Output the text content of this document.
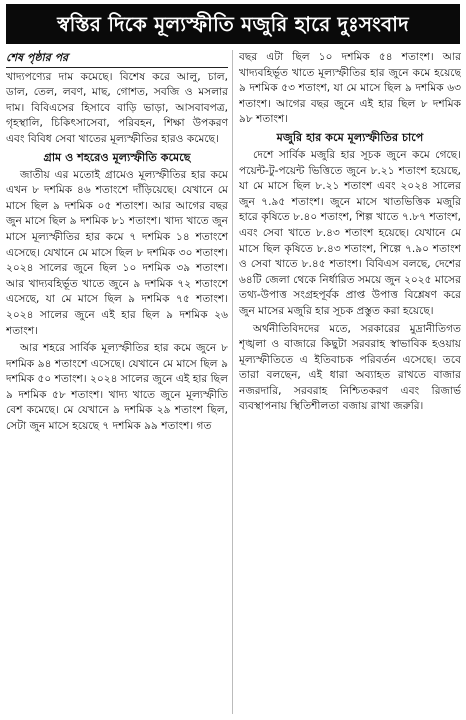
স্বস্তির দিকে মূল্যস্ফীতি মজুরি হারে দুঃসংবাদ
শেষ পৃষ্ঠার পর

খাদ্যপণ্যের দাম কমেছে। বিশেষ করে আলু, চাল, ডাল, তেল, লবণ, মাছ, গোশত, সবজি ও মসলার দাম। বিবিএসের হিসাবে বাড়ি ভাড়া, আসবাবপত্র, গৃহস্থালি, চিকিৎসাসেবা, পরিবহন, শিক্ষা উপকরণ এবং বিবিধ সেবা খাতের মূল্যস্ফীতির হারও কমেছে।

গ্রাম ও শহরেও মূল্যস্ফীতি কমেছে

জাতীয় এর মতোই গ্রামেও মূল্যস্ফীতির হার কমে এখন ৮ দশমিক ৪৬ শতাংশে দাঁড়িয়েছে। যেখানে মে মাসে ছিল ৯ দশমিক ০৫ শতাংশ। আর আগের বছর জুন মাসে ছিল ৯ দশমিক ৮১ শতাংশ। খাদ্য খাতে জুন মাসে মূল্যস্ফীতির হার কমে ৭ দশমিক ১৪ শতাংশে এসেছে। যেখানে মে মাসে ছিল ৮ দশমিক ৩০ শতাংশ। ২০২৪ সালের জুনে ছিল ১০ দশমিক ৩৯ শতাংশ। আর খাদ্যবহির্ভূত খাতে জুনে ৯ দশমিক ৭২ শতাংশে এসেছে, যা মে মাসে ছিল ৯ দশমিক ৭৫ শতাংশ। ২০২৪ সালের জুনে এই হার ছিল ৯ দশমিক ২৬ শতাংশ।

আর শহরে সার্বিক মূল্যস্ফীতির হার কমে জুনে ৮ দশমিক ৯৪ শতাংশে এসেছে। যেখানে মে মাসে ছিল ৯ দশমিক ৫০ শতাংশ। ২০২৪ সালের জুনে এই হার ছিল ৯ দশমিক ৫৮ শতাংশ। খাদ্য খাতে জুনে মূল্যস্ফীতি বেশ কমেছে। মে যেখানে ৯ দশমিক ২৯ শতাংশ ছিল, সেটা জুন মাসে হয়েছে ৭ দশমিক ৯৯ শতাংশ। গত

বছর এটা ছিল ১০ দশমিক ৫৪ শতাংশ। আর খাদ্যবহির্ভূত খাতে মূল্যস্ফীতির হার জুনে কমে হয়েছে ৯ দশমিক ৫৩ শতাংশ, যা মে মাসে ছিল ৯ দশমিক ৬৩ শতাংশ। আগের বছর জুনে এই হার ছিল ৮ দশমিক ৯৮ শতাংশ।

মজুরি হার কমে মূল্যস্ফীতির চাপে

দেশে সার্বিক মজুরি হার সূচক জুনে কমে গেছে। পয়েন্ট-টু-পয়েন্ট ভিত্তিতে জুনে ৮.২১ শতাংশ হয়েছে, যা মে মাসে ছিল ৮.২১ শতাংশ এবং ২০২৪ সালের জুন ৭.৯৫ শতাংশ। জুনে মাসে খাতভিত্তিক মজুরি হারে কৃষিতে ৮.৪০ শতাংশ, শিল্প খাতে ৭.৮৭ শতাংশ, এবং সেবা খাতে ৮.৪৩ শতাংশ হয়েছে। যেখানে মে মাসে ছিল কৃষিতে ৮.৪৩ শতাংশ, শিল্পে ৭.৯০ শতাংশ ও সেবা খাতে ৮.৪৫ শতাংশ। বিবিএস বলছে, দেশের ৬৪টি জেলা থেকে নির্ধারিত সময়ে জুন ২০২৫ মাসের তথ্য-উপাত্ত সংগ্রহপূর্বক প্রাপ্ত উপাত্ত বিশ্লেষণ করে জুন মাসের মজুরি হার সূচক প্রস্তুত করা হয়েছে।

অর্থনীতিবিদদের মতে, সরকারের মুদ্রানীতিগত শৃঙ্খলা ও বাজারে কিছুটা সরবরাহ স্বাভাবিক হওয়ায় মূল্যস্ফীতিতে এ ইতিবাচক পরিবর্তন এসেছে। তবে তারা বলছেন, এই ধারা অব্যাহত রাখতে বাজার নজরদারি, সরবরাহ নিশ্চিতকরণ এবং রিজার্ভ ব্যবস্থাপনায় স্থিতিশীলতা বজায় রাখা জরুরি।
